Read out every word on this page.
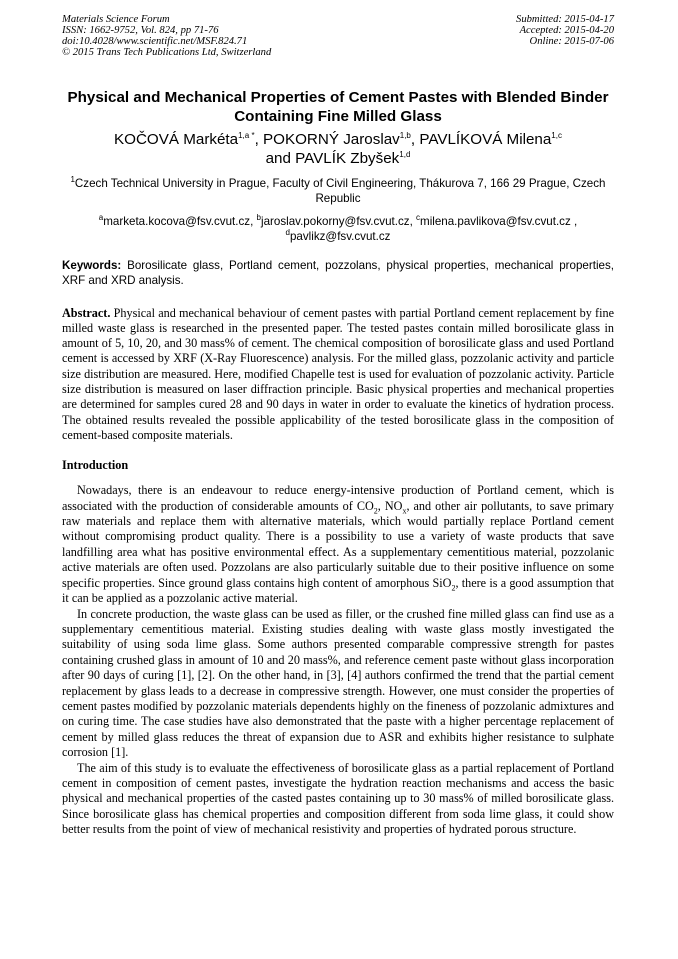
Materials Science Forum
ISSN: 1662-9752, Vol. 824, pp 71-76
doi:10.4028/www.scientific.net/MSF.824.71
© 2015 Trans Tech Publications Ltd, Switzerland
Submitted: 2015-04-17
Accepted: 2015-04-20
Online: 2015-07-06
Physical and Mechanical Properties of Cement Pastes with Blended Binder Containing Fine Milled Glass
KOČOVÁ Markéta$^{1,a *}$, POKORNÝ Jaroslav$^{1,b}$, PAVLÍKOVÁ Milena$^{1,c}$
and PAVLÍK Zbyšek$^{1,d}$
$^1$Czech Technical University in Prague, Faculty of Civil Engineering, Thákurova 7, 166 29 Prague, Czech Republic
$^a$marketa.kocova@fsv.cvut.cz, $^b$jaroslav.pokorny@fsv.cvut.cz, $^c$milena.pavlikova@fsv.cvut.cz ,
$^d$pavlikz@fsv.cvut.cz
Keywords: Borosilicate glass, Portland cement, pozzolans, physical properties, mechanical properties, XRF and XRD analysis.
Abstract. Physical and mechanical behaviour of cement pastes with partial Portland cement replacement by fine milled waste glass is researched in the presented paper. The tested pastes contain milled borosilicate glass in amount of 5, 10, 20, and 30 mass% of cement. The chemical composition of borosilicate glass and used Portland cement is accessed by XRF (X-Ray Fluorescence) analysis. For the milled glass, pozzolanic activity and particle size distribution are measured. Here, modified Chapelle test is used for evaluation of pozzolanic activity. Particle size distribution is measured on laser diffraction principle. Basic physical properties and mechanical properties are determined for samples cured 28 and 90 days in water in order to evaluate the kinetics of hydration process. The obtained results revealed the possible applicability of the tested borosilicate glass in the composition of cement-based composite materials.
Introduction

Nowadays, there is an endeavour to reduce energy-intensive production of Portland cement, which is associated with the production of considerable amounts of $CO_2$, $NO_x$, and other air pollutants, to save primary raw materials and replace them with alternative materials, which would partially replace Portland cement without compromising product quality. There is a possibility to use a variety of waste products that save landfilling area what has positive environmental effect. As a supplementary cementitious material, pozzolanic active materials are often used. Pozzolans are also particularly suitable due to their positive influence on some specific properties. Since ground glass contains high content of amorphous SiO$_2$, there is a good assumption that it can be applied as a pozzolanic active material.

In concrete production, the waste glass can be used as filler, or the crushed fine milled glass can find use as a supplementary cementitious material. Existing studies dealing with waste glass mostly investigated the suitability of using soda lime glass. Some authors presented comparable compressive strength for pastes containing crushed glass in amount of 10 and 20 mass%, and reference cement paste without glass incorporation after 90 days of curing [1], [2]. On the other hand, in [3], [4] authors confirmed the trend that the partial cement replacement by glass leads to a decrease in compressive strength. However, one must consider the properties of cement pastes modified by pozzolanic materials dependents highly on the fineness of pozzolanic admixtures and on curing time. The case studies have also demonstrated that the paste with a higher percentage replacement of cement by milled glass reduces the threat of expansion due to ASR and exhibits higher resistance to sulphate corrosion [1].

The aim of this study is to evaluate the effectiveness of borosilicate glass as a partial replacement of Portland cement in composition of cement pastes, investigate the hydration reaction mechanisms and access the basic physical and mechanical properties of the casted pastes containing up to 30 mass% of milled borosilicate glass. Since borosilicate glass has chemical properties and composition different from soda lime glass, it could show better results from the point of view of mechanical resistivity and properties of hydrated porous structure.
